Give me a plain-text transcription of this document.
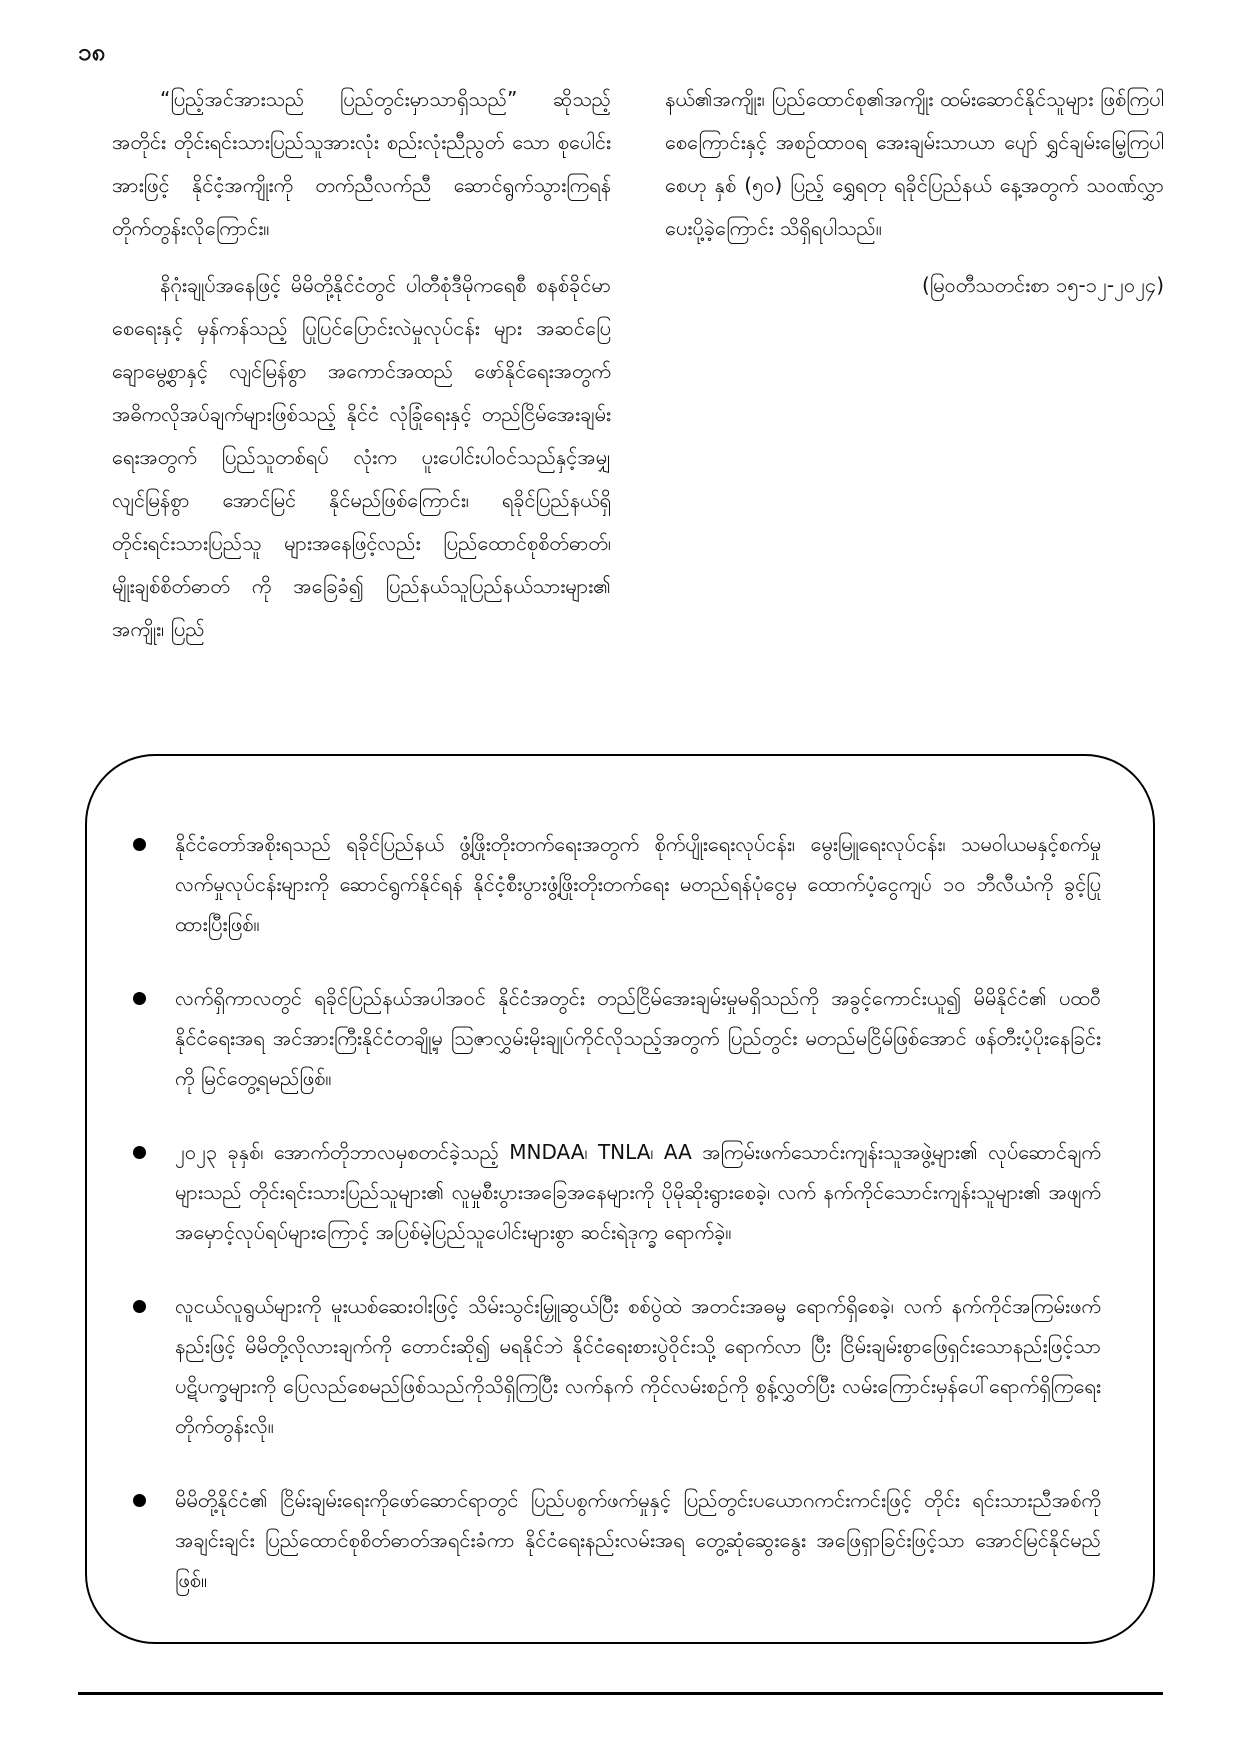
၁၈

“ပြည့်အင်အားသည် ပြည်တွင်းမှာသာရှိသည်” ဆိုသည့် အတိုင်း တိုင်းရင်းသားပြည်သူအားလုံး စည်းလုံးညီညွတ် သော စုပေါင်းအားဖြင့် နိုင်ငံ့အကျိုးကို တက်ညီလက်ညီ ဆောင်ရွက်သွားကြရန် တိုက်တွန်းလိုကြောင်း။

နိဂုံးချုပ်အနေဖြင့် မိမိတို့နိုင်ငံတွင် ပါတီစုံဒီမိုကရေစီ စနစ်ခိုင်မာစေရေးနှင့် မှန်ကန်သည့် ပြုပြင်ပြောင်းလဲမှုလုပ်ငန်း များ အဆင်ပြေချောမွေ့စွာနှင့် လျင်မြန်စွာ အကောင်အထည် ဖော်နိုင်ရေးအတွက် အဓိကလိုအပ်ချက်များဖြစ်သည့် နိုင်ငံ လုံခြုံရေးနှင့် တည်ငြိမ်အေးချမ်းရေးအတွက် ပြည်သူတစ်ရပ် လုံးက ပူးပေါင်းပါဝင်သည်နှင့်အမျှ လျင်မြန်စွာ အောင်မြင် နိုင်မည်ဖြစ်ကြောင်း၊ ရခိုင်ပြည်နယ်ရှိ တိုင်းရင်းသားပြည်သူ များအနေဖြင့်လည်း ပြည်ထောင်စုစိတ်ဓာတ်၊ မျိုးချစ်စိတ်ဓာတ် ကို အခြေခံ၍ ပြည်နယ်သူပြည်နယ်သားများ၏ အကျိုး၊ ပြည်

နယ်၏အကျိုး၊ ပြည်ထောင်စု၏အကျိုး ထမ်းဆောင်နိုင်သူများ ဖြစ်ကြပါစေကြောင်းနှင့် အစဉ်ထာဝရ အေးချမ်းသာယာ ပျော် ရွှင်ချမ်းမြေ့ကြပါစေဟု နှစ် (၅၀) ပြည့် ရွှေရတု ရခိုင်ပြည်နယ် နေ့အတွက် သဝဏ်လွှာပေးပို့ခဲ့ကြောင်း သိရှိရပါသည်။

(မြဝတီသတင်းစာ ၁၅-၁၂-၂၀၂၄)

နိုင်ငံတော်အစိုးရသည် ရခိုင်ပြည်နယ် ဖွံ့ဖြိုးတိုးတက်ရေးအတွက် စိုက်ပျိုးရေးလုပ်ငန်း၊ မွေးမြူရေးလုပ်ငန်း၊ သမဝါယမနှင့်စက်မှုလက်မှုလုပ်ငန်းများကို ဆောင်ရွက်နိုင်ရန် နိုင်ငံ့စီးပွားဖွံ့ဖြိုးတိုးတက်ရေး မတည်ရန်ပုံငွေမှ ထောက်ပံ့ငွေကျပ် ၁၀ ဘီလီယံကို ခွင့်ပြုထားပြီးဖြစ်။
လက်ရှိကာလတွင် ရခိုင်ပြည်နယ်အပါအဝင် နိုင်ငံအတွင်း တည်ငြိမ်အေးချမ်းမှုမရှိသည်ကို အခွင့်ကောင်းယူ၍ မိမိနိုင်ငံ၏ ပထဝီနိုင်ငံရေးအရ အင်အားကြီးနိုင်ငံတချို့မှ ဩဇာလွှမ်းမိုးချုပ်ကိုင်လိုသည့်အတွက် ပြည်တွင်း မတည်မငြိမ်ဖြစ်အောင် ဖန်တီးပံ့ပိုးနေခြင်းကို မြင်တွေ့ရမည်ဖြစ်။
၂၀၂၃ ခုနှစ်၊ အောက်တိုဘာလမှစတင်ခဲ့သည့် MNDAA၊ TNLA၊ AA အကြမ်းဖက်သောင်းကျန်းသူအဖွဲ့များ၏ လုပ်ဆောင်ချက်များသည် တိုင်းရင်းသားပြည်သူများ၏ လူမှုစီးပွားအခြေအနေများကို ပိုမိုဆိုးရွားစေခဲ့၊ လက် နက်ကိုင်သောင်းကျန်းသူများ၏ အဖျက်အမှောင့်လုပ်ရပ်များကြောင့် အပြစ်မဲ့ပြည်သူပေါင်းများစွာ ဆင်းရဲဒုက္ခ ရောက်ခဲ့။
လူငယ်လူရွယ်များကို မူးယစ်ဆေးဝါးဖြင့် သိမ်းသွင်းမြှူဆွယ်ပြီး စစ်ပွဲထဲ အတင်းအဓမ္မ ရောက်ရှိစေခဲ့၊ လက် နက်ကိုင်အကြမ်းဖက်နည်းဖြင့် မိမိတို့လိုလားချက်ကို တောင်းဆို၍ မရနိုင်ဘဲ နိုင်ငံရေးစားပွဲဝိုင်းသို့ ရောက်လာ ပြီး ငြိမ်းချမ်းစွာဖြေရှင်းသောနည်းဖြင့်သာ ပဋိပက္ခများကို ပြေလည်စေမည်ဖြစ်သည်ကိုသိရှိကြပြီး လက်နက် ကိုင်လမ်းစဉ်ကို စွန့်လွှတ်ပြီး လမ်းကြောင်းမှန်ပေါ်ရောက်ရှိကြရေး တိုက်တွန်းလို။
မိမိတို့နိုင်ငံ၏ ငြိမ်းချမ်းရေးကိုဖော်ဆောင်ရာတွင် ပြည်ပစွက်ဖက်မှုနှင့် ပြည်တွင်းပယောဂကင်းကင်းဖြင့် တိုင်း ရင်းသားညီအစ်ကိုအချင်းချင်း ပြည်ထောင်စုစိတ်ဓာတ်အရင်းခံကာ နိုင်ငံရေးနည်းလမ်းအရ တွေ့ဆုံဆွေးနွေး အဖြေရှာခြင်းဖြင့်သာ အောင်မြင်နိုင်မည်ဖြစ်။
